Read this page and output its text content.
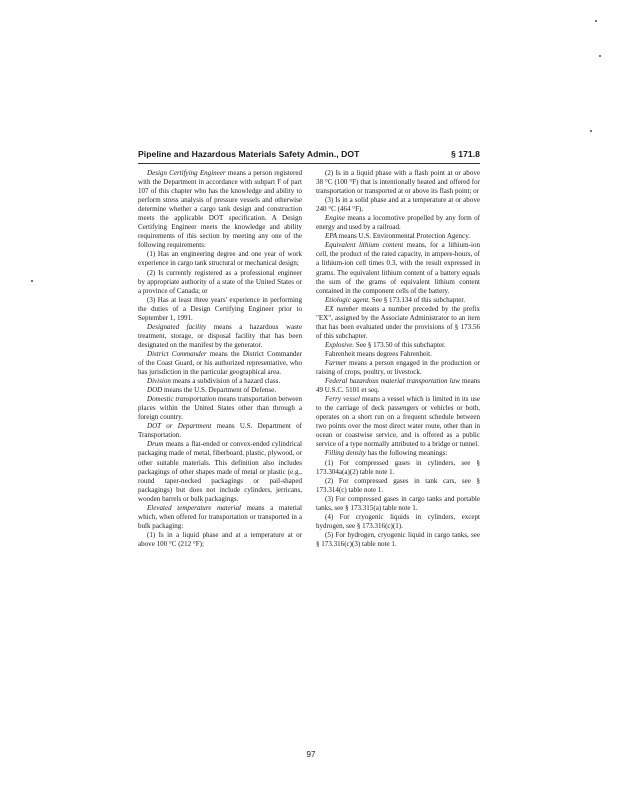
Pipeline and Hazardous Materials Safety Admin., DOT	§ 171.8

Design Certifying Engineer means a person registered with the Department in accordance with subpart F of part 107 of this chapter who has the knowledge and ability to perform stress analysis of pressure vessels and otherwise determine whether a cargo tank design and construction meets the applicable DOT specification. A Design Certifying Engineer meets the knowledge and ability requirements of this section by meeting any one of the following requirements:

(1) Has an engineering degree and one year of work experience in cargo tank structural or mechanical design;

(2) Is currently registered as a professional engineer by appropriate authority of a state of the United States or a province of Canada; or

(3) Has at least three years' experience in performing the duties of a Design Certifying Engineer prior to September 1, 1991.

Designated facility means a hazardous waste treatment, storage, or disposal facility that has been designated on the manifest by the generator.

District Commander means the District Commander of the Coast Guard, or his authorized representative, who has jurisdiction in the particular geographical area.

Division means a subdivision of a hazard class.

DOD means the U.S. Department of Defense.

Domestic transportation means transportation between places within the United States other than through a foreign country.

DOT or Department means U.S. Department of Transportation.

Drum means a flat-ended or convex-ended cylindrical packaging made of metal, fiberboard, plastic, plywood, or other suitable materials. This definition also includes packagings of other shapes made of metal or plastic (e.g., round taper-necked packagings or pail-shaped packagings) but does not include cylinders, jerricans, wooden barrels or bulk packagings.

Elevated temperature material means a material which, when offered for transportation or transported in a bulk packaging:

(1) Is in a liquid phase and at a temperature at or above 100 °C (212 °F);

(2) Is in a liquid phase with a flash point at or above 38 °C (100 °F) that is intentionally heated and offered for transportation or transported at or above its flash point; or

(3) Is in a solid phase and at a temperature at or above 240 °C (464 °F).

Engine means a locomotive propelled by any form of energy and used by a railroad.

EPA means U.S. Environmental Protection Agency.

Equivalent lithium content means, for a lithium-ion cell, the product of the rated capacity, in ampere-hours, of a lithium-ion cell times 0.3, with the result expressed in grams. The equivalent lithium content of a battery equals the sum of the grams of equivalent lithium content contained in the component cells of the battery.

Etiologic agent. See § 173.134 of this subchapter.

EX number means a number preceded by the prefix "EX", assigned by the Associate Administrator to an item that has been evaluated under the provisions of § 173.56 of this subchapter.

Explosive. See § 173.50 of this subchapter.

Fahrenheit means degrees Fahrenheit.

Farmer means a person engaged in the production or raising of crops, poultry, or livestock.

Federal hazardous material transportation law means 49 U.S.C. 5101 et seq.

Ferry vessel means a vessel which is limited in its use to the carriage of deck passengers or vehicles or both, operates on a short run on a frequent schedule between two points over the most direct water route, other than in ocean or coastwise service, and is offered as a public service of a type normally attributed to a bridge or tunnel.

Filling density has the following meanings:

(1) For compressed gases in cylinders, see § 173.304a(a)(2) table note 1.

(2) For compressed gases in tank cars, see § 173.314(c) table note 1.

(3) For compressed gases in cargo tanks and portable tanks, see § 173.315(a) table note 1.

(4) For cryogenic liquids in cylinders, except hydrogen, see § 173.316(c)(1).

(5) For hydrogen, cryogenic liquid in cargo tanks, see § 173.316(c)(3) table note 1.

97
